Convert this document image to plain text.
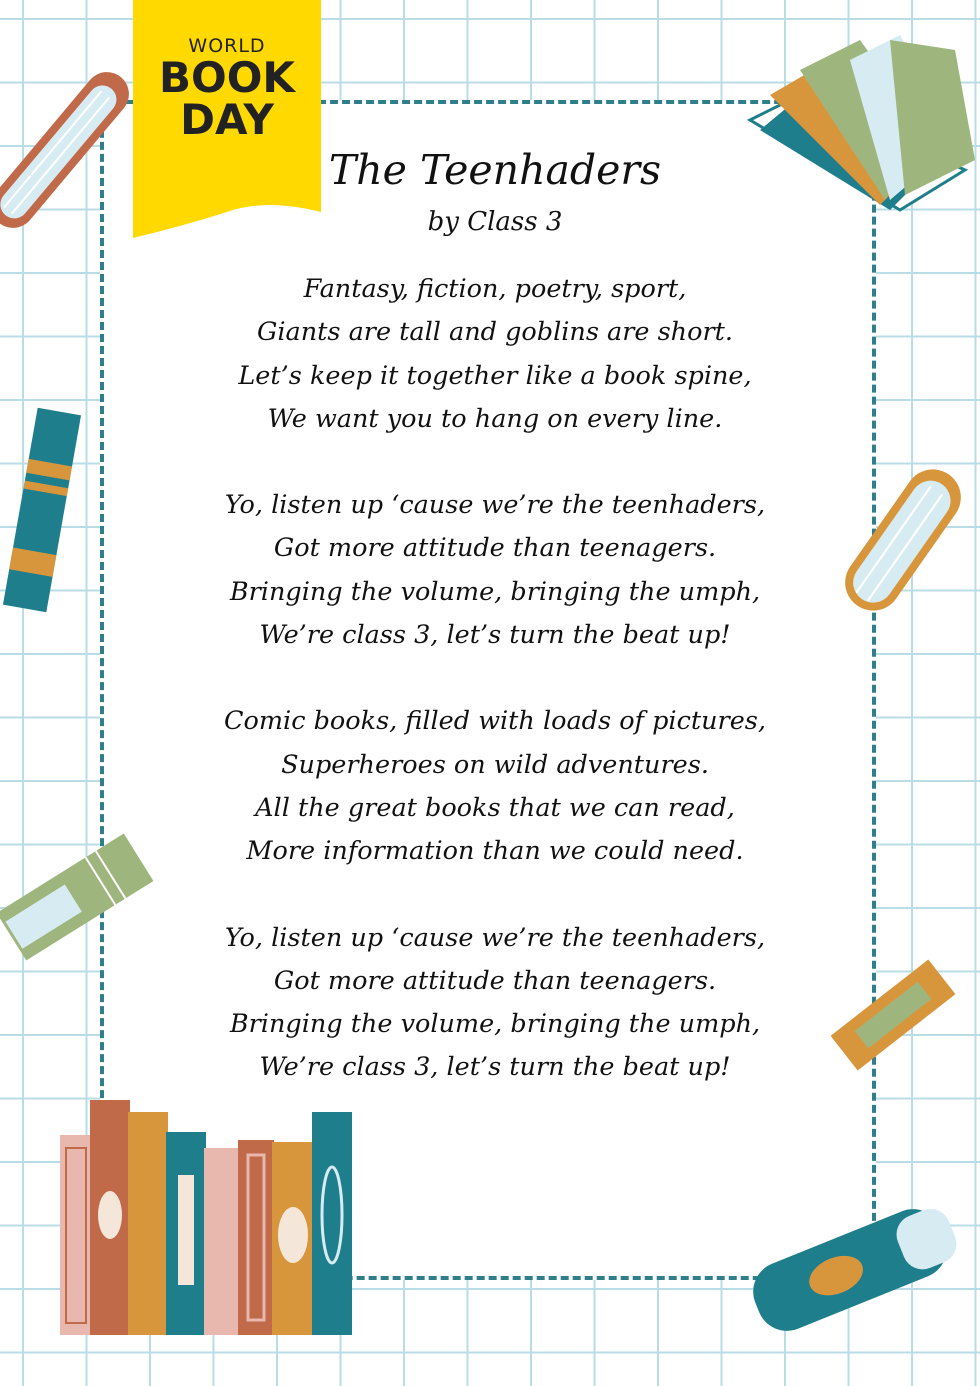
WORLD
BOOK
DAY
The Teenhaders
by Class 3
Fantasy, fiction, poetry, sport,
Giants are tall and goblins are short.
Let’s keep it together like a book spine,
We want you to hang on every line.
Yo, listen up ‘cause we’re the teenhaders,
Got more attitude than teenagers.
Bringing the volume, bringing the umph,
We’re class 3, let’s turn the beat up!
Comic books, filled with loads of pictures,
Superheroes on wild adventures.
All the great books that we can read,
More information than we could need.
Yo, listen up ‘cause we’re the teenhaders,
Got more attitude than teenagers.
Bringing the volume, bringing the umph,
We’re class 3, let’s turn the beat up!
